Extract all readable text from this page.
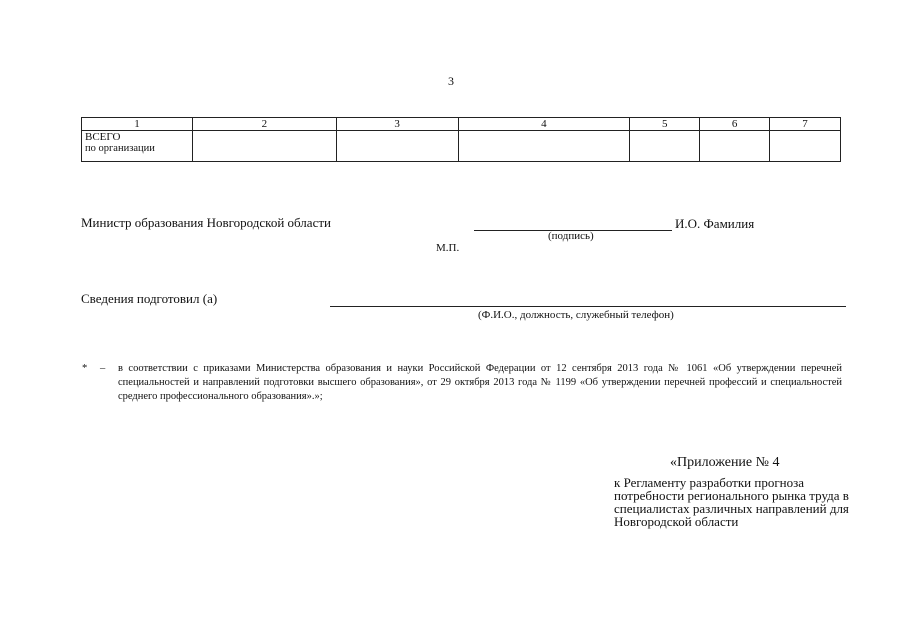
3
1	2	3	4	5	6	7

ВСЕГО
по организации						

Министр образования Новгородской области	И.О. Фамилия
(подпись)
М.П.
Сведения подготовил (а)
(Ф.И.О., должность, служебный телефон)
* – в соответствии с приказами Министерства образования и науки Российской Федерации от 12 сентября 2013 года № 1061 «Об утверждении перечней специальностей и направлений подготовки высшего образования», от 29 октября 2013 года № 1199 «Об утверждении перечней профессий и специальностей среднего профессионального образования».»;
«Приложение № 4
к Регламенту разработки прогноза потребности регионального рынка труда в специалистах различных направлений для Новгородской области
